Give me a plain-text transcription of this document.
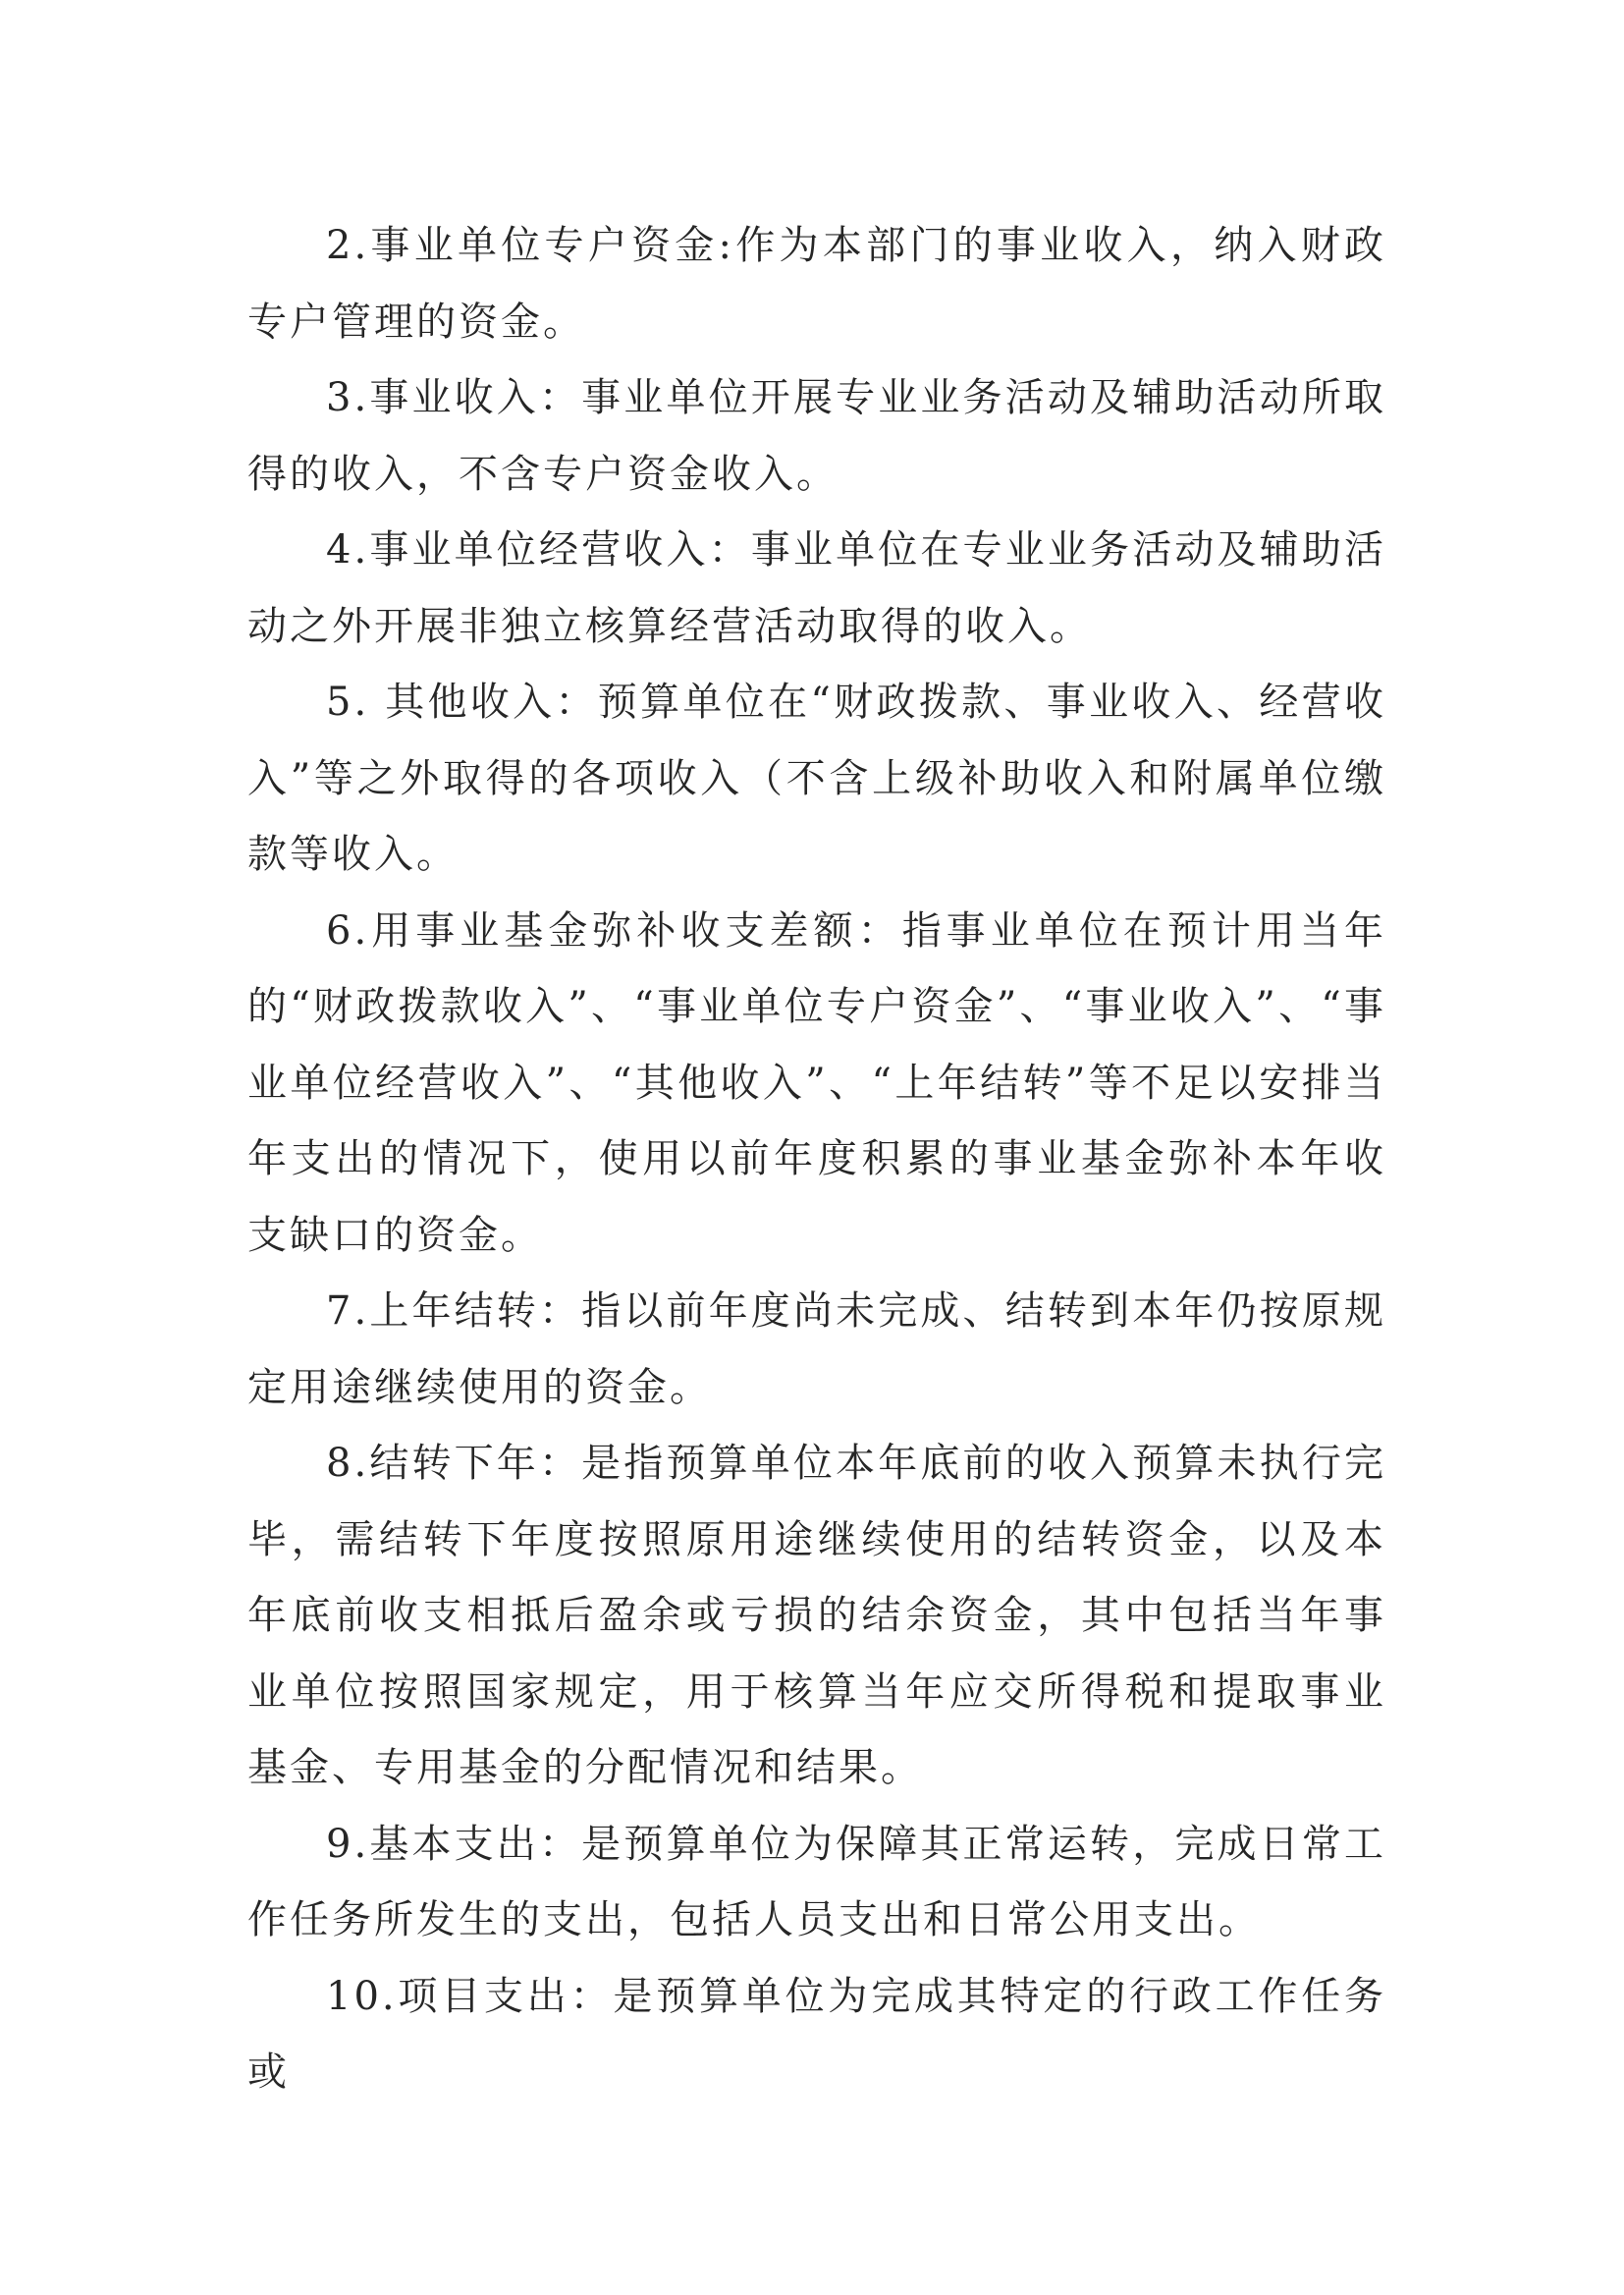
2.事业单位专户资金:作为本部门的事业收入，纳入财政专户管理的资金。

3.事业收入：事业单位开展专业业务活动及辅助活动所取得的收入，不含专户资金收入。

4.事业单位经营收入：事业单位在专业业务活动及辅助活动之外开展非独立核算经营活动取得的收入。

5. 其他收入：预算单位在“财政拨款、事业收入、经营收入”等之外取得的各项收入（不含上级补助收入和附属单位缴款等收入。

6.用事业基金弥补收支差额：指事业单位在预计用当年的“财政拨款收入”、“事业单位专户资金”、“事业收入”、“事业单位经营收入”、“其他收入”、“上年结转”等不足以安排当年支出的情况下，使用以前年度积累的事业基金弥补本年收支缺口的资金。

7.上年结转：指以前年度尚未完成、结转到本年仍按原规定用途继续使用的资金。

8.结转下年：是指预算单位本年底前的收入预算未执行完毕，需结转下年度按照原用途继续使用的结转资金，以及本年底前收支相抵后盈余或亏损的结余资金，其中包括当年事业单位按照国家规定，用于核算当年应交所得税和提取事业基金、专用基金的分配情况和结果。

9.基本支出：是预算单位为保障其正常运转，完成日常工作任务所发生的支出，包括人员支出和日常公用支出。

10.项目支出：是预算单位为完成其特定的行政工作任务或
